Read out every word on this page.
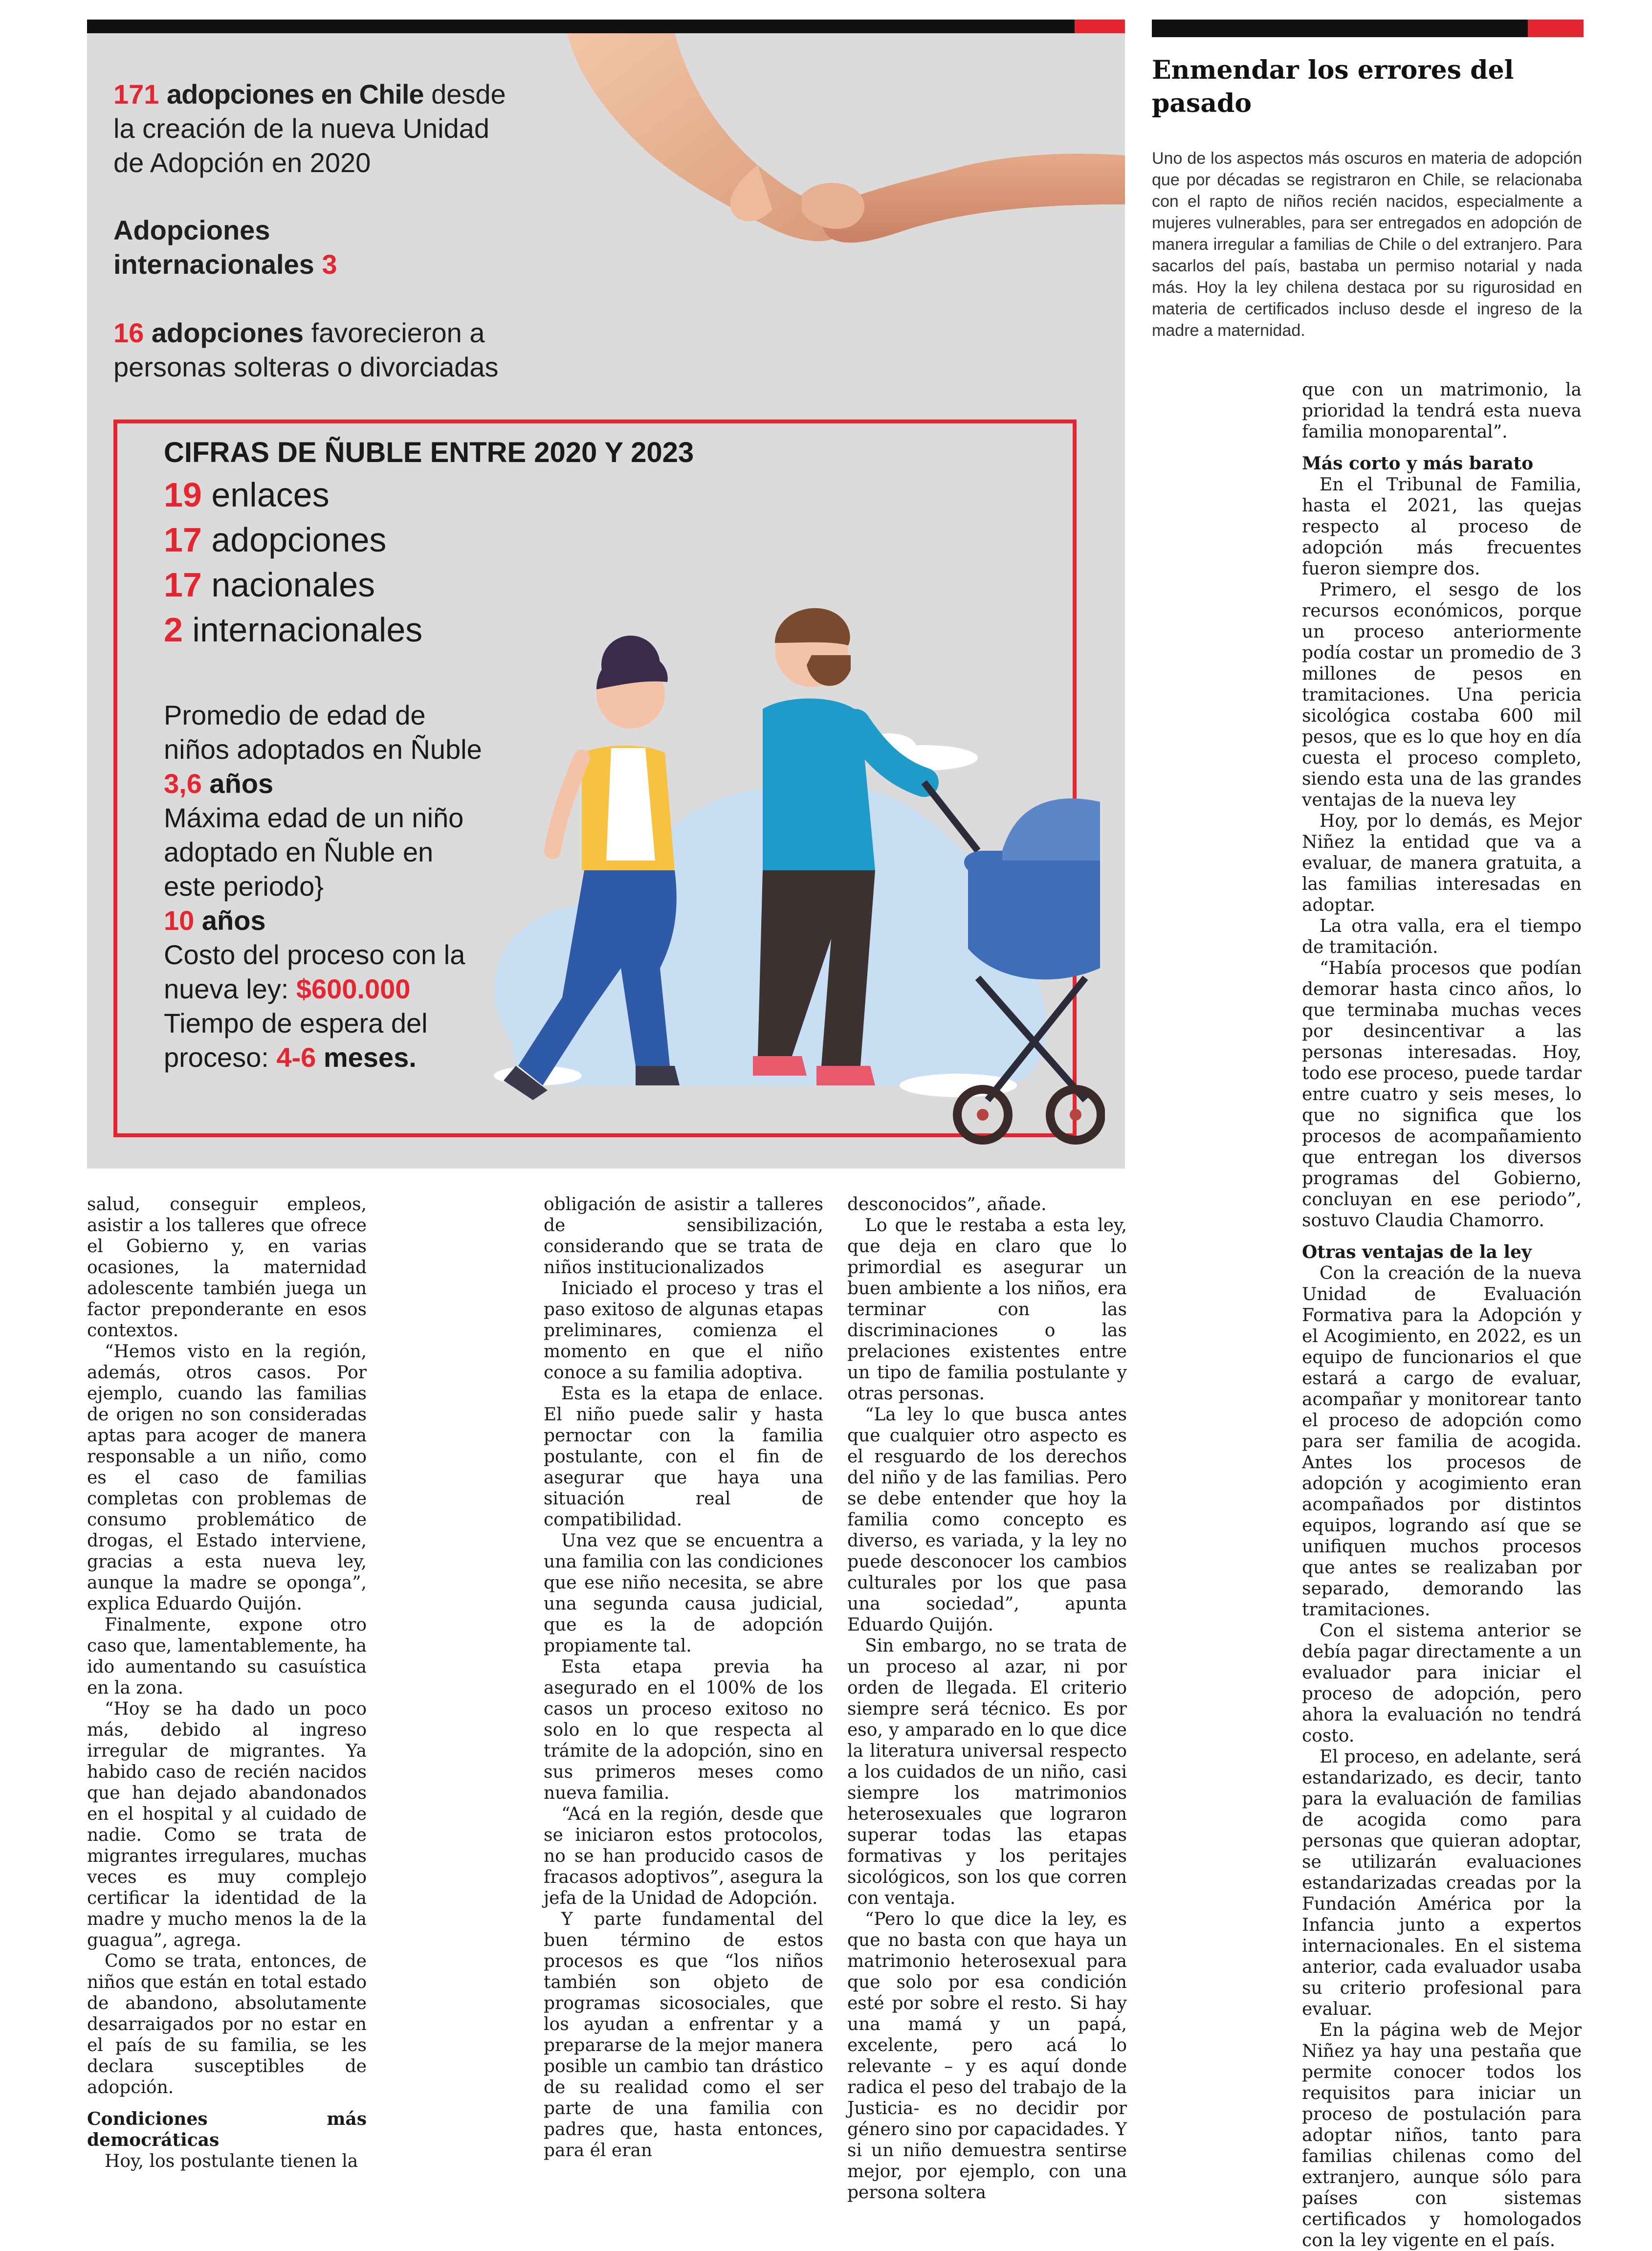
171 adopciones en Chile desde la creación de la nueva Unidad de Adopción en 2020
Adopciones internacionales 3
16 adopciones favorecieron a personas solteras o divorciadas
CIFRAS DE ÑUBLE ENTRE 2020 Y 2023
19 enlaces
17 adopciones
17 nacionales
2 internacionales
Promedio de edad de niños adoptados en Ñuble
3,6 años
Máxima edad de un niño adoptado en Ñuble en este periodo}
10 años
Costo del proceso con la nueva ley: $600.000
Tiempo de espera del proceso: 4-6 meses.
Enmendar los errores del pasado
Uno de los aspectos más oscuros en materia de adopción que por décadas se registraron en Chile, se relacionaba con el rapto de niños recién nacidos, especialmente a mujeres vulnerables, para ser entregados en adopción de manera irregular a familias de Chile o del extranjero. Para sacarlos del país, bastaba un permiso notarial y nada más. Hoy la ley chilena destaca por su rigurosidad en materia de certificados incluso desde el ingreso de la madre a maternidad.

que con un matrimonio, la prioridad la tendrá esta nueva familia monoparental”.

Más corto y más barato

En el Tribunal de Familia, hasta el 2021, las quejas respecto al proceso de adopción más frecuentes fueron siempre dos.

Primero, el sesgo de los recursos económicos, porque un proceso anteriormente podía costar un promedio de 3 millones de pesos en tramitaciones. Una pericia sicológica costaba 600 mil pesos, que es lo que hoy en día cuesta el proceso completo, siendo esta una de las grandes ventajas de la nueva ley

Hoy, por lo demás, es Mejor Niñez la entidad que va a evaluar, de manera gratuita, a las familias interesadas en adoptar.

La otra valla, era el tiempo de tramitación.

“Había procesos que podían demorar hasta cinco años, lo que terminaba muchas veces por desincentivar a las personas interesadas. Hoy, todo ese proceso, puede tardar entre cuatro y seis meses, lo que no significa que los procesos de acompañamiento que entregan los diversos programas del Gobierno, concluyan en ese periodo”, sostuvo Claudia Chamorro.

Otras ventajas de la ley

Con la creación de la nueva Unidad de Evaluación Formativa para la Adopción y el Acogimiento, en 2022, es un equipo de funcionarios el que estará a cargo de evaluar, acompañar y monitorear tanto el proceso de adopción como para ser familia de acogida. Antes los procesos de adopción y acogimiento eran acompañados por distintos equipos, logrando así que se unifiquen muchos procesos que antes se realizaban por separado, demorando las tramitaciones.

Con el sistema anterior se debía pagar directamente a un evaluador para iniciar el proceso de adopción, pero ahora la evaluación no tendrá costo.

El proceso, en adelante, será estandarizado, es decir, tanto para la evaluación de familias de acogida como para personas que quieran adoptar, se utilizarán evaluaciones estandarizadas creadas por la Fundación América por la Infancia junto a expertos internacionales. En el sistema anterior, cada evaluador usaba su criterio profesional para evaluar.

En la página web de Mejor Niñez ya hay una pestaña que permite conocer todos los requisitos para iniciar un proceso de postulación para adoptar niños, tanto para familias chilenas como del extranjero, aunque sólo para países con sistemas certificados y homologados con la ley vigente en el país.

salud, conseguir empleos, asistir a los talleres que ofrece el Gobierno y, en varias ocasiones, la maternidad adolescente también juega un factor preponderante en esos contextos.

“Hemos visto en la región, además, otros casos. Por ejemplo, cuando las familias de origen no son consideradas aptas para acoger de manera responsable a un niño, como es el caso de familias completas con problemas de consumo problemático de drogas, el Estado interviene, gracias a esta nueva ley, aunque la madre se oponga”, explica Eduardo Quijón.

Finalmente, expone otro caso que, lamentablemente, ha ido aumentando su casuística en la zona.

“Hoy se ha dado un poco más, debido al ingreso irregular de migrantes. Ya habido caso de recién nacidos que han dejado abandonados en el hospital y al cuidado de nadie. Como se trata de migrantes irregulares, muchas veces es muy complejo certificar la identidad de la madre y mucho menos la de la guagua”, agrega.

Como se trata, entonces, de niños que están en total estado de abandono, absolutamente desarraigados por no estar en el país de su familia, se les declara susceptibles de adopción.

Condiciones más democráticas

Hoy, los postulante tienen la

obligación de asistir a talleres de sensibilización, considerando que se trata de niños institucionalizados

Iniciado el proceso y tras el paso exitoso de algunas etapas preliminares, comienza el momento en que el niño conoce a su familia adoptiva.

Esta es la etapa de enlace. El niño puede salir y hasta pernoctar con la familia postulante, con el fin de asegurar que haya una situación real de compatibilidad.

Una vez que se encuentra a una familia con las condiciones que ese niño necesita, se abre una segunda causa judicial, que es la de adopción propiamente tal.

Esta etapa previa ha asegurado en el 100% de los casos un proceso exitoso no solo en lo que respecta al trámite de la adopción, sino en sus primeros meses como nueva familia.

“Acá en la región, desde que se iniciaron estos protocolos, no se han producido casos de fracasos adoptivos”, asegura la jefa de la Unidad de Adopción.

Y parte fundamental del buen término de estos procesos es que “los niños también son objeto de programas sicosociales, que los ayudan a enfrentar y a prepararse de la mejor manera posible un cambio tan drástico de su realidad como el ser parte de una familia con padres que, hasta entonces, para él eran

desconocidos”, añade.

Lo que le restaba a esta ley, que deja en claro que lo primordial es asegurar un buen ambiente a los niños, era terminar con las discriminaciones o las prelaciones existentes entre un tipo de familia postulante y otras personas.

“La ley lo que busca antes que cualquier otro aspecto es el resguardo de los derechos del niño y de las familias. Pero se debe entender que hoy la familia como concepto es diverso, es variada, y la ley no puede desconocer los cambios culturales por los que pasa una sociedad”, apunta Eduardo Quijón.

Sin embargo, no se trata de un proceso al azar, ni por orden de llegada. El criterio siempre será técnico. Es por eso, y amparado en lo que dice la literatura universal respecto a los cuidados de un niño, casi siempre los matrimonios heterosexuales que lograron superar todas las etapas formativas y los peritajes sicológicos, son los que corren con ventaja.

“Pero lo que dice la ley, es que no basta con que haya un matrimonio heterosexual para que solo por esa condición esté por sobre el resto. Si hay una mamá y un papá, excelente, pero acá lo relevante – y es aquí donde radica el peso del trabajo de la Justicia- es no decidir por género sino por capacidades. Y si un niño demuestra sentirse mejor, por ejemplo, con una persona soltera
